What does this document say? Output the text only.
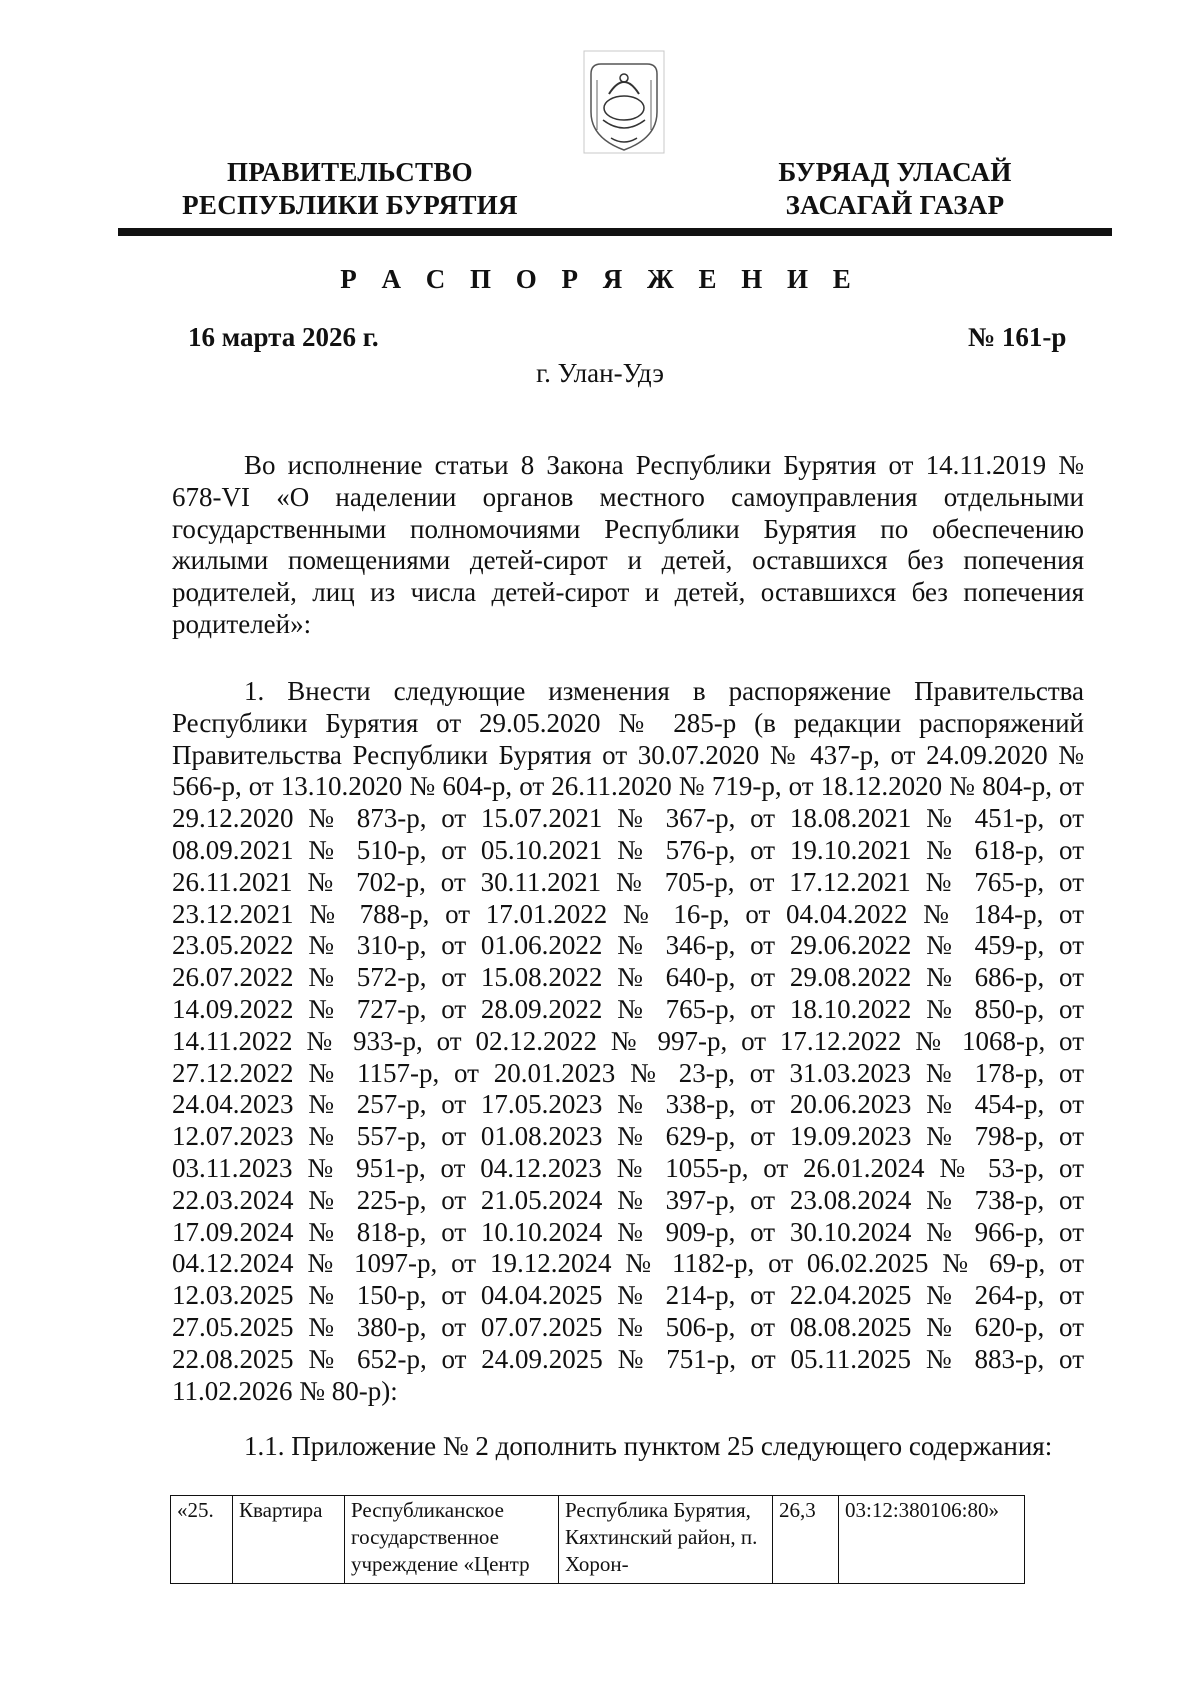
ПРАВИТЕЛЬСТВО
РЕСПУБЛИКИ БУРЯТИЯ
БУРЯАД УЛАСАЙ
ЗАСАГАЙ ГАЗАР
Р А С П О Р Я Ж Е Н И Е
16 марта 2026 г.	№ 161-р
г. Улан-Удэ

Во исполнение статьи 8 Закона Республики Бурятия от 14.11.2019 № 678-VI «О наделении органов местного самоуправления отдельными государственными полномочиями Республики Бурятия по обеспечению жилыми помещениями детей-сирот и детей, оставшихся без попечения родителей, лиц из числа детей-сирот и детей, оставшихся без попечения родителей»:

1. Внести следующие изменения в распоряжение Правительства Республики Бурятия от 29.05.2020 № 285-р (в редакции распоряжений Правительства Республики Бурятия от 30.07.2020 № 437-р, от 24.09.2020 № 566-р, от 13.10.2020 № 604-р, от 26.11.2020 № 719-р, от 18.12.2020 № 804-р, от 29.12.2020 № 873-р, от 15.07.2021 № 367-р, от 18.08.2021 № 451-р, от 08.09.2021 № 510-р, от 05.10.2021 № 576-р, от 19.10.2021 № 618-р, от 26.11.2021 № 702-р, от 30.11.2021 № 705-р, от 17.12.2021 № 765-р, от 23.12.2021 № 788-р, от 17.01.2022 № 16-р, от 04.04.2022 № 184-р, от 23.05.2022 № 310-р, от 01.06.2022 № 346-р, от 29.06.2022 № 459-р, от 26.07.2022 № 572-р, от 15.08.2022 № 640-р, от 29.08.2022 № 686-р, от 14.09.2022 № 727-р, от 28.09.2022 № 765-р, от 18.10.2022 № 850-р, от 14.11.2022 № 933-р, от 02.12.2022 № 997-р, от 17.12.2022 № 1068-р, от 27.12.2022 № 1157-р, от 20.01.2023 № 23-р, от 31.03.2023 № 178-р, от 24.04.2023 № 257-р, от 17.05.2023 № 338-р, от 20.06.2023 № 454-р, от 12.07.2023 № 557-р, от 01.08.2023 № 629-р, от 19.09.2023 № 798-р, от 03.11.2023 № 951-р, от 04.12.2023 № 1055-р, от 26.01.2024 № 53-р, от 22.03.2024 № 225-р, от 21.05.2024 № 397-р, от 23.08.2024 № 738-р, от 17.09.2024 № 818-р, от 10.10.2024 № 909-р, от 30.10.2024 № 966-р, от 04.12.2024 № 1097-р, от 19.12.2024 № 1182-р, от 06.02.2025 № 69-р, от 12.03.2025 № 150-р, от 04.04.2025 № 214-р, от 22.04.2025 № 264-р, от 27.05.2025 № 380-р, от 07.07.2025 № 506-р, от 08.08.2025 № 620-р, от 22.08.2025 № 652-р, от 24.09.2025 № 751-р, от 05.11.2025 № 883-р, от 11.02.2026 № 80-р):

1.1. Приложение № 2 дополнить пунктом 25 следующего содержания:

«25.	Квартира	Республиканское государственное учреждение «Центр	Республика Бурятия, Кяхтинский район, п. Хорон-	26,3	03:12:380106:80»
